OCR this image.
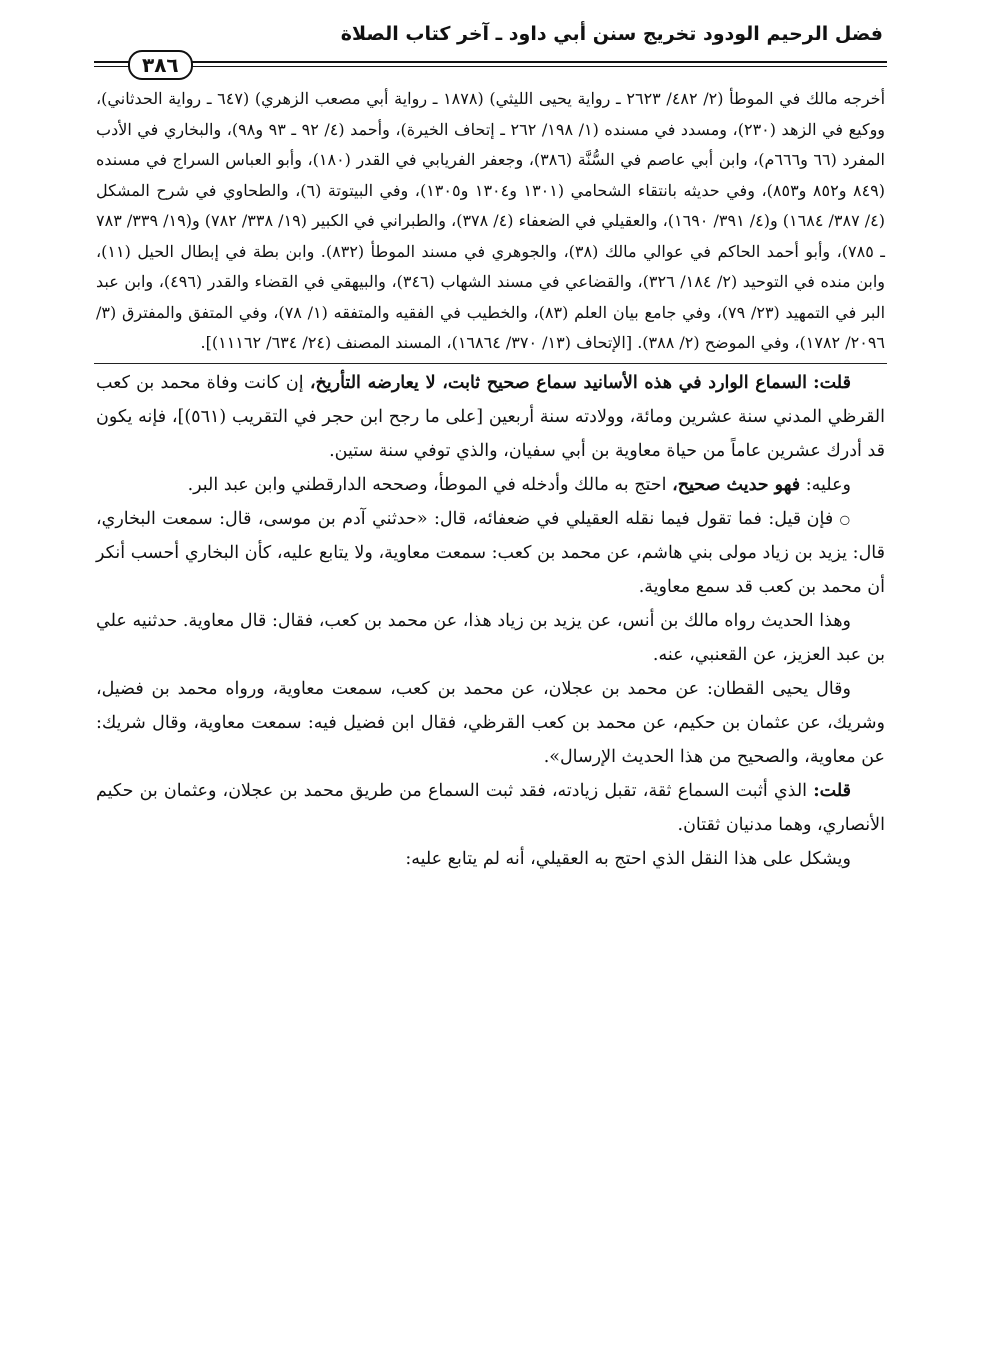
فضل الرحيم الودود تخريج سنن أبي داود ـ آخر كتاب الصلاة
٣٨٦
أخرجه مالك في الموطأ (٢/ ٤٨٢/ ٢٦٢٣ ـ رواية يحيى الليثي) (١٨٧٨ ـ رواية أبي مصعب الزهري) (٦٤٧ ـ رواية الحدثاني)، ووكيع في الزهد (٢٣٠)، ومسدد في مسنده (١/ ١٩٨/ ٢٦٢ ـ إتحاف الخيرة)، وأحمد (٤/ ٩٢ ـ ٩٣ و٩٨)، والبخاري في الأدب المفرد (٦٦ و٦٦٦م)، وابن أبي عاصم في السُّنَّة (٣٨٦)، وجعفر الفريابي في القدر (١٨٠)، وأبو العباس السراج في مسنده (٨٤٩ و٨٥٢ و٨٥٣)، وفي حديثه بانتقاء الشحامي (١٣٠١ و١٣٠٤ و١٣٠٥)، وفي البيتوتة (٦)، والطحاوي في شرح المشكل (٤/ ٣٨٧/ ١٦٨٤) و(٤/ ٣٩١/ ١٦٩٠)، والعقيلي في الضعفاء (٤/ ٣٧٨)، والطبراني في الكبير (١٩/ ٣٣٨/ ٧٨٢) و(١٩/ ٣٣٩/ ٧٨٣ ـ ٧٨٥)، وأبو أحمد الحاكم في عوالي مالك (٣٨)، والجوهري في مسند الموطأ (٨٣٢). وابن بطة في إبطال الحيل (١١)، وابن منده في التوحيد (٢/ ١٨٤/ ٣٢٦)، والقضاعي في مسند الشهاب (٣٤٦)، والبيهقي في القضاء والقدر (٤٩٦)، وابن عبد البر في التمهيد (٢٣/ ٧٩)، وفي جامع بيان العلم (٨٣)، والخطيب في الفقيه والمتفقه (١/ ٧٨)، وفي المتفق والمفترق (٣/ ٢٠٩٦/ ١٧٨٢)، وفي الموضح (٢/ ٣٨٨). [الإتحاف (١٣/ ٣٧٠/ ١٦٨٦٤)، المسند المصنف (٢٤/ ٦٣٤/ ١١١٦٢)].

قلت: السماع الوارد في هذه الأسانيد سماع صحيح ثابت، لا يعارضه التأريخ، إن كانت وفاة محمد بن كعب القرظي المدني سنة عشرين ومائة، وولادته سنة أربعين [على ما رجح ابن حجر في التقريب (٥٦١)]، فإنه يكون قد أدرك عشرين عاماً من حياة معاوية بن أبي سفيان، والذي توفي سنة ستين.

وعليه: فهو حديث صحيح، احتج به مالك وأدخله في الموطأ، وصححه الدارقطني وابن عبد البر.

○ فإن قيل: فما تقول فيما نقله العقيلي في ضعفائه، قال: «حدثني آدم بن موسى، قال: سمعت البخاري، قال: يزيد بن زياد مولى بني هاشم، عن محمد بن كعب: سمعت معاوية، ولا يتابع عليه، كأن البخاري أحسب أنكر أن محمد بن كعب قد سمع معاوية.

وهذا الحديث رواه مالك بن أنس، عن يزيد بن زياد هذا، عن محمد بن كعب، فقال: قال معاوية. حدثنيه علي بن عبد العزيز، عن القعنبي، عنه.

وقال يحيى القطان: عن محمد بن عجلان، عن محمد بن كعب، سمعت معاوية، ورواه محمد بن فضيل، وشريك، عن عثمان بن حكيم، عن محمد بن كعب القرظي، فقال ابن فضيل فيه: سمعت معاوية، وقال شريك: عن معاوية، والصحيح من هذا الحديث الإرسال».

قلت: الذي أثبت السماع ثقة، تقبل زيادته، فقد ثبت السماع من طريق محمد بن عجلان، وعثمان بن حكيم الأنصاري، وهما مدنيان ثقتان.

ويشكل على هذا النقل الذي احتج به العقيلي، أنه لم يتابع عليه:
